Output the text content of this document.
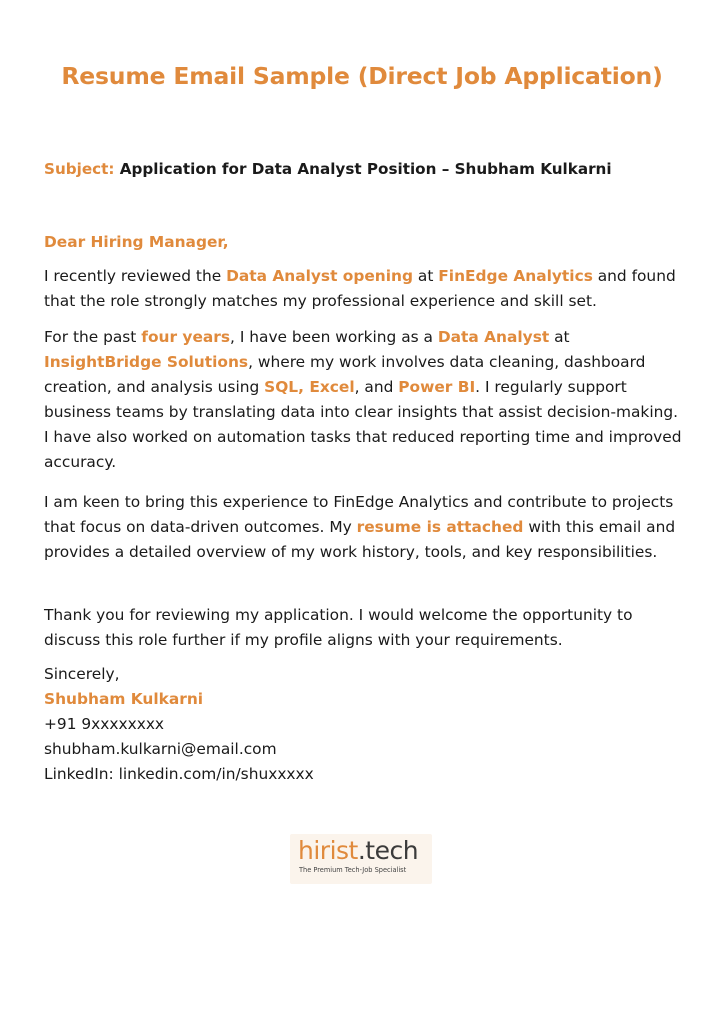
Resume Email Sample (Direct Job Application)
Subject: Application for Data Analyst Position – Shubham Kulkarni
Dear Hiring Manager,
I recently reviewed the Data Analyst opening at FinEdge Analytics and found that the role strongly matches my professional experience and skill set.
For the past four years, I have been working as a Data Analyst at InsightBridge Solutions, where my work involves data cleaning, dashboard creation, and analysis using SQL, Excel, and Power BI. I regularly support business teams by translating data into clear insights that assist decision-making. I have also worked on automation tasks that reduced reporting time and improved accuracy.
I am keen to bring this experience to FinEdge Analytics and contribute to projects that focus on data-driven outcomes. My resume is attached with this email and provides a detailed overview of my work history, tools, and key responsibilities.
Thank you for reviewing my application. I would welcome the opportunity to discuss this role further if my profile aligns with your requirements.
Sincerely,
Shubham Kulkarni
+91 9xxxxxxxx
shubham.kulkarni@email.com
LinkedIn: linkedin.com/in/shuxxxxx
hirist.tech
The Premium Tech-Job Specialist
